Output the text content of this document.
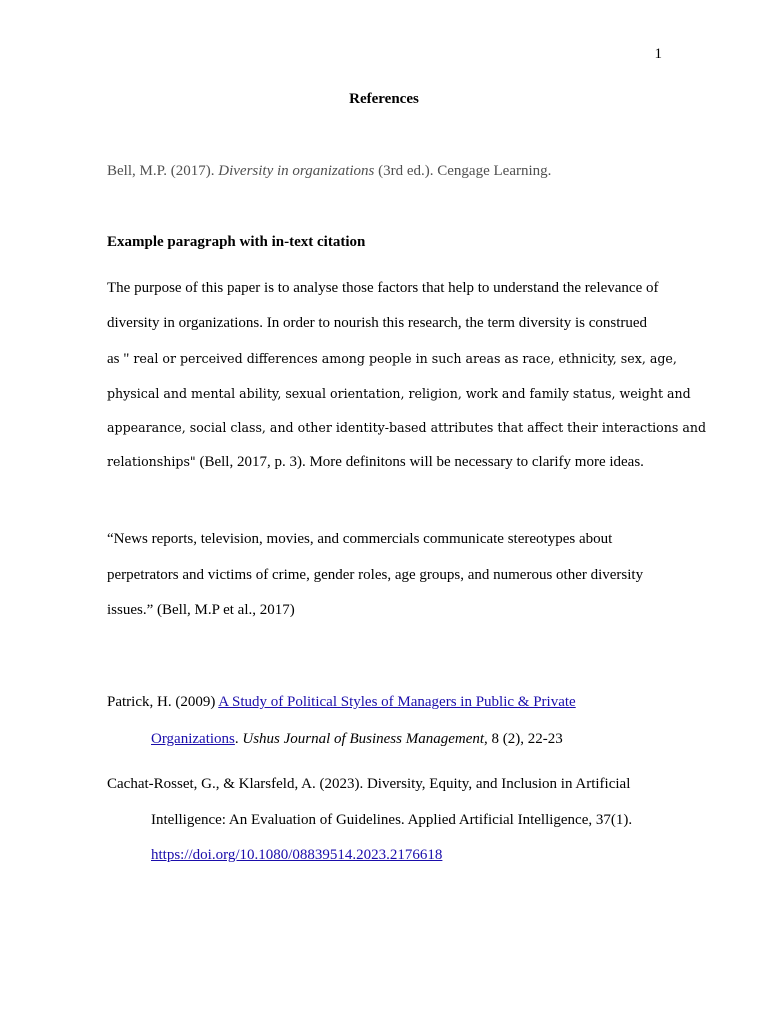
1
References
Bell, M.P. (2017). Diversity in organizations (3rd ed.). Cengage Learning.
Example paragraph with in-text citation
The purpose of this paper is to analyse those factors that help to understand the relevance of
diversity in organizations. In order to nourish this research, the term diversity is construed
as " real or perceived differences among people in such areas as race, ethnicity, sex, age,
physical and mental ability, sexual orientation, religion, work and family status, weight and
appearance, social class, and other identity-based attributes that affect their interactions and
relationships" (Bell, 2017, p. 3). More definitons will be necessary to clarify more ideas.
“News reports, television, movies, and commercials communicate stereotypes about
perpetrators and victims of crime, gender roles, age groups, and numerous other diversity
issues.” (Bell, M.P et al., 2017)
Patrick, H. (2009) A Study of Political Styles of Managers in Public & Private
Organizations. Ushus Journal of Business Management, 8 (2), 22-23
Cachat-Rosset, G., & Klarsfeld, A. (2023). Diversity, Equity, and Inclusion in Artificial
Intelligence: An Evaluation of Guidelines. Applied Artificial Intelligence, 37(1).
https://doi.org/10.1080/08839514.2023.2176618
